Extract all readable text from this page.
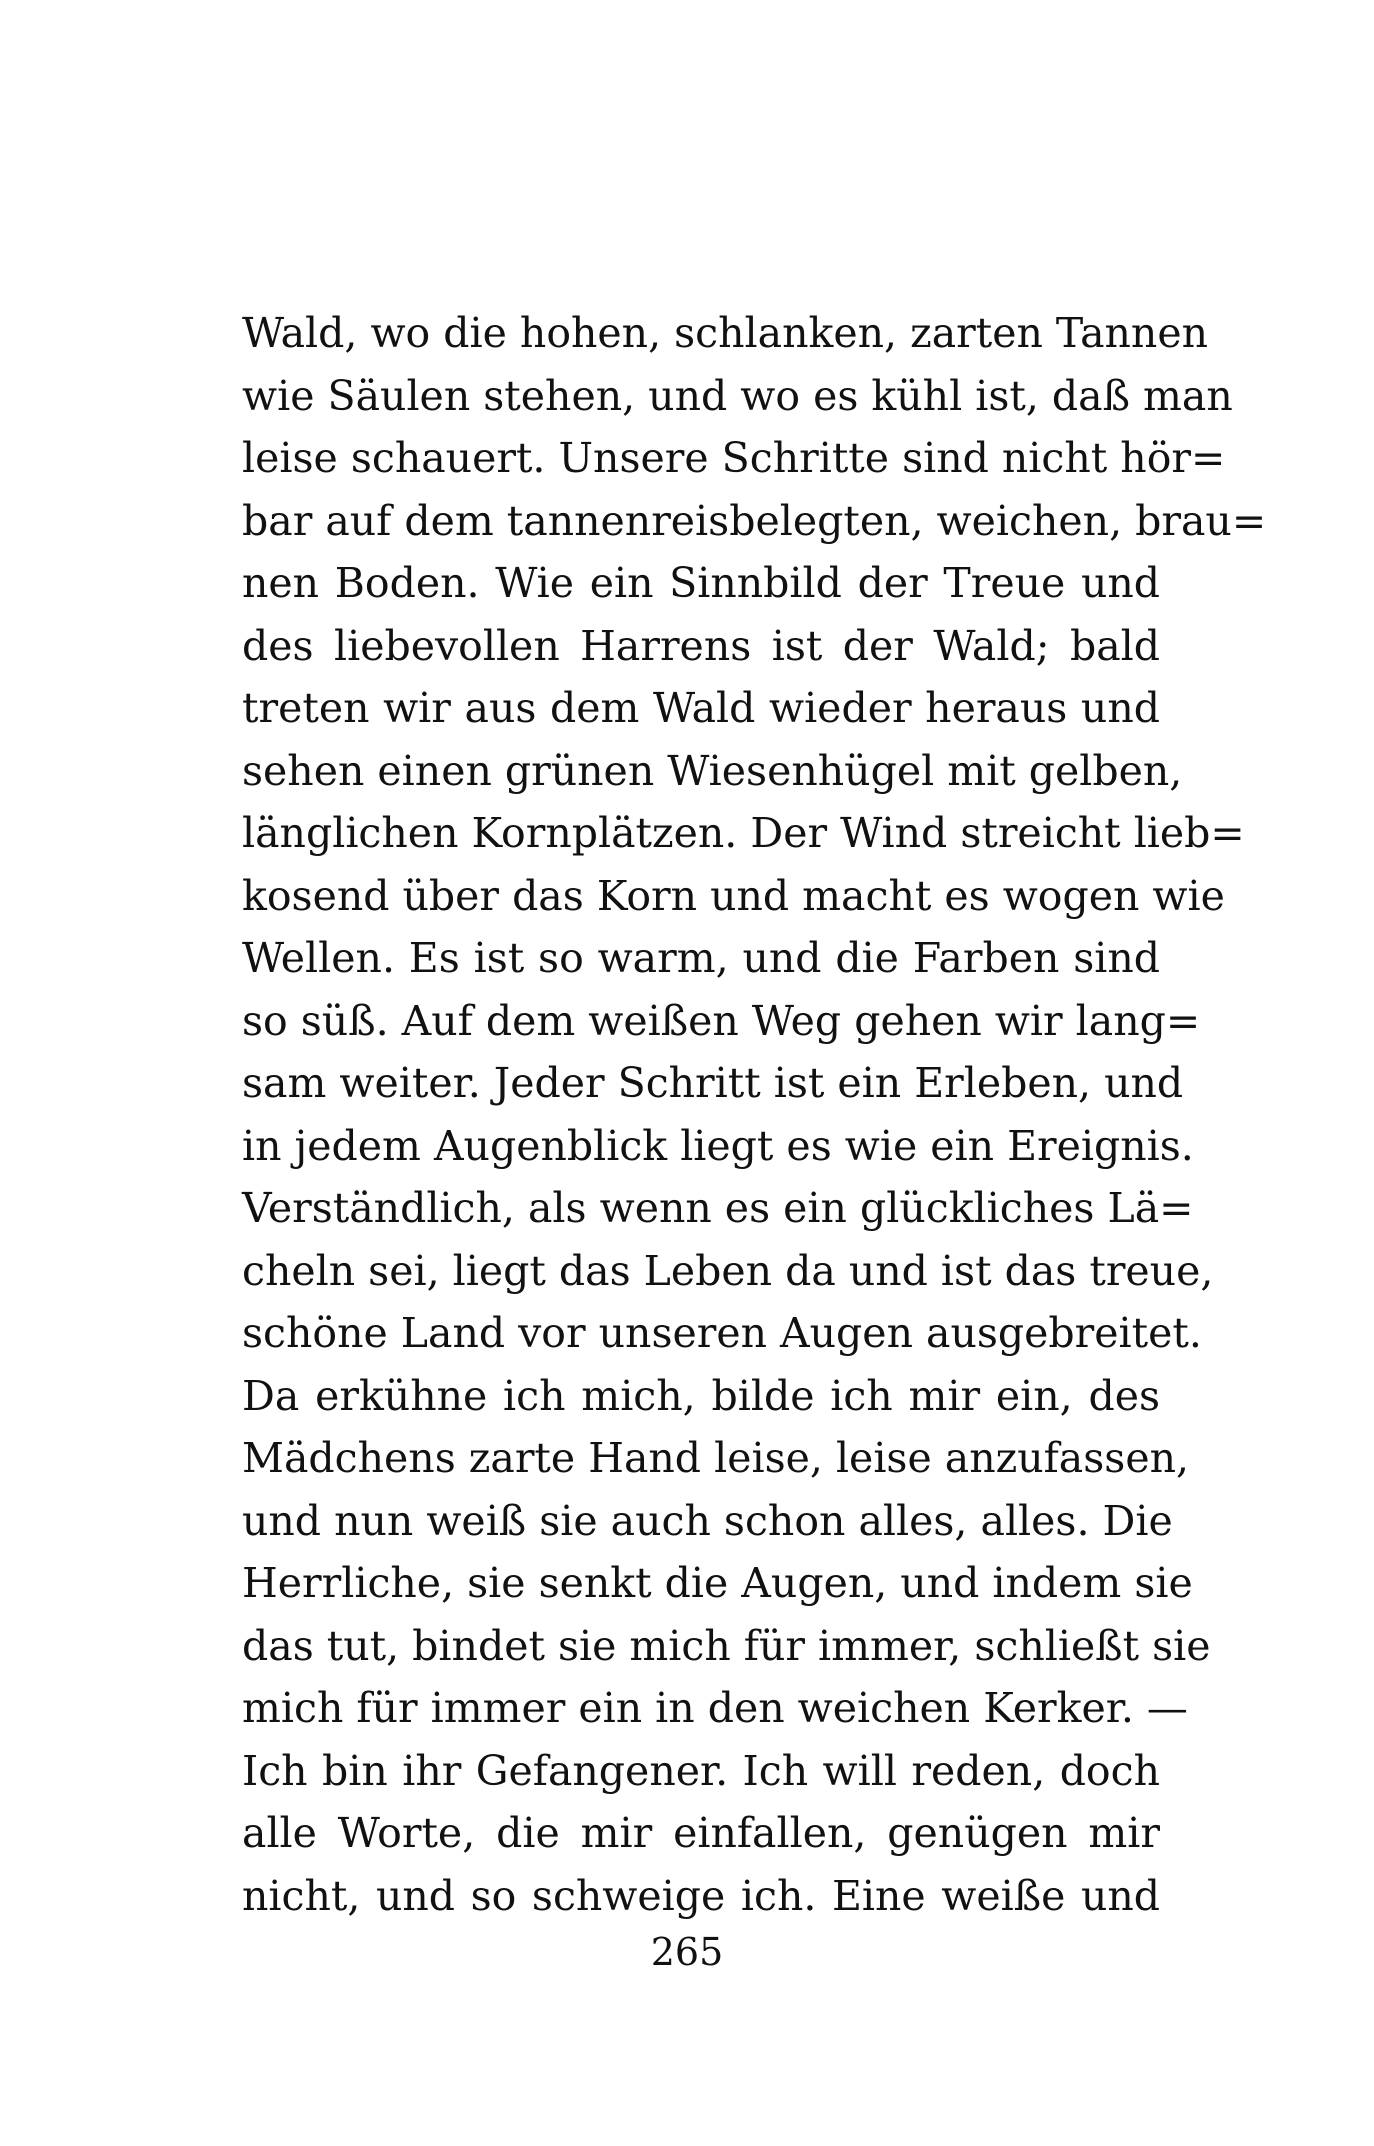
Wald, wo die hohen, schlanken, zarten Tannen
wie Säulen stehen, und wo es kühl ist, daß man
leise schauert. Unsere Schritte sind nicht hör=
bar auf dem tannenreisbelegten, weichen, brau=
nen Boden. Wie ein Sinnbild der Treue und
des liebevollen Harrens ist der Wald; bald
treten wir aus dem Wald wieder heraus und
sehen einen grünen Wiesenhügel mit gelben,
länglichen Kornplätzen. Der Wind streicht lieb=
kosend über das Korn und macht es wogen wie
Wellen. Es ist so warm, und die Farben sind
so süß. Auf dem weißen Weg gehen wir lang=
sam weiter. Jeder Schritt ist ein Erleben, und
in jedem Augenblick liegt es wie ein Ereignis.
Verständlich, als wenn es ein glückliches Lä=
cheln sei, liegt das Leben da und ist das treue,
schöne Land vor unseren Augen ausgebreitet.
Da erkühne ich mich, bilde ich mir ein, des
Mädchens zarte Hand leise, leise anzufassen,
und nun weiß sie auch schon alles, alles. Die
Herrliche, sie senkt die Augen, und indem sie
das tut, bindet sie mich für immer, schließt sie
mich für immer ein in den weichen Kerker. —
Ich bin ihr Gefangener. Ich will reden, doch
alle Worte, die mir einfallen, genügen mir
nicht, und so schweige ich. Eine weiße und
265
